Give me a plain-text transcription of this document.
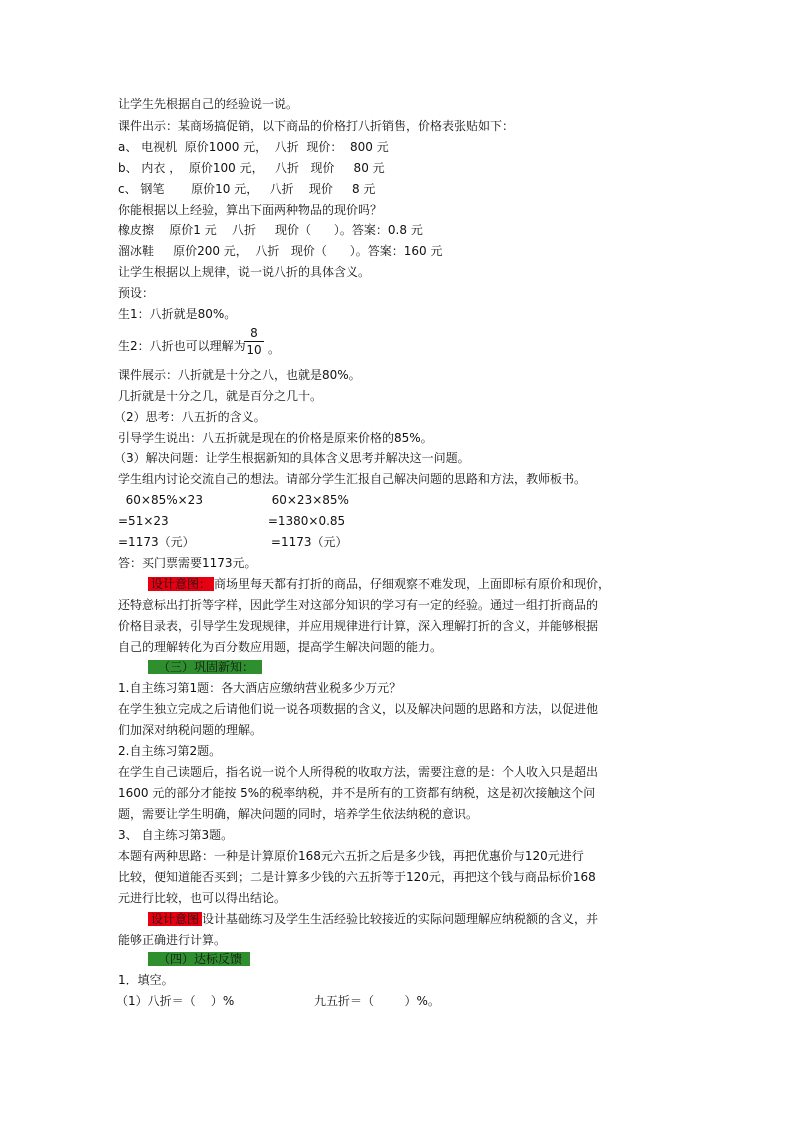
让学生先根据自己的经验说一说。
课件出示：某商场搞促销，以下商品的价格打八折销售，价格表张贴如下：
a、 电视机  原价1000 元，  八折  现价：  800 元
b、 内衣 ，  原价100 元，   八折   现价     80 元
c、 钢笔       原价10 元，   八折    现价     8 元
你能根据以上经验，算出下面两种物品的现价吗？
橡皮擦    原价1 元    八折     现价（      ）。答案：0.8 元
溜冰鞋     原价200 元，  八折   现价（      ）。答案：160 元
让学生根据以上规律，说一说八折的具体含义。
预设：
生1：八折就是80%。
生2：八折也可以理解为
8
10 。
课件展示：八折就是十分之八，也就是80%。
几折就是十分之几，就是百分之几十。
（2）思考：八五折的含义。
引导学生说出：八五折就是现在的价格是原来价格的85%。
（3）解决问题：让学生根据新知的具体含义思考并解决这一问题。
学生组内讨论交流自己的想法。请部分学生汇报自己解决问题的思路和方法，教师板书。
60×85%×23                  60×23×85%
=51×23                          =1380×0.85
=1173（元）                    =1173（元）
答：买门票需要1173元。
设计意图： 商场里每天都有打折的商品，仔细观察不难发现，上面即标有原价和现价，
还特意标出打折等字样，因此学生对这部分知识的学习有一定的经验。通过一组打折商品的
价格目录表，引导学生发现规律，并应用规律进行计算，深入理解打折的含义，并能够根据
自己的理解转化为百分数应用题，提高学生解决问题的能力。
（三）巩固新知：
1.自主练习第1题：各大酒店应缴纳营业税多少万元？
在学生独立完成之后请他们说一说各项数据的含义，以及解决问题的思路和方法，以促进他
们加深对纳税问题的理解。
2.自主练习第2题。
在学生自己读题后，指名说一说个人所得税的收取方法，需要注意的是：个人收入只是超出
1600 元的部分才能按 5%的税率纳税，并不是所有的工资都有纳税，这是初次接触这个问
题，需要让学生明确，解决问题的同时，培养学生依法纳税的意识。
3、 自主练习第3题。
本题有两种思路：一种是计算原价168元六五折之后是多少钱，再把优惠价与120元进行
比较，便知道能否买到；二是计算多少钱的六五折等于120元，再把这个钱与商品标价168
元进行比较，也可以得出结论。
设计意图 设计基础练习及学生生活经验比较接近的实际问题理解应纳税额的含义，并
能够正确进行计算。
（四）达标反馈
1．填空。
（1）八折＝（    ）%	九五折＝（        ）%。
